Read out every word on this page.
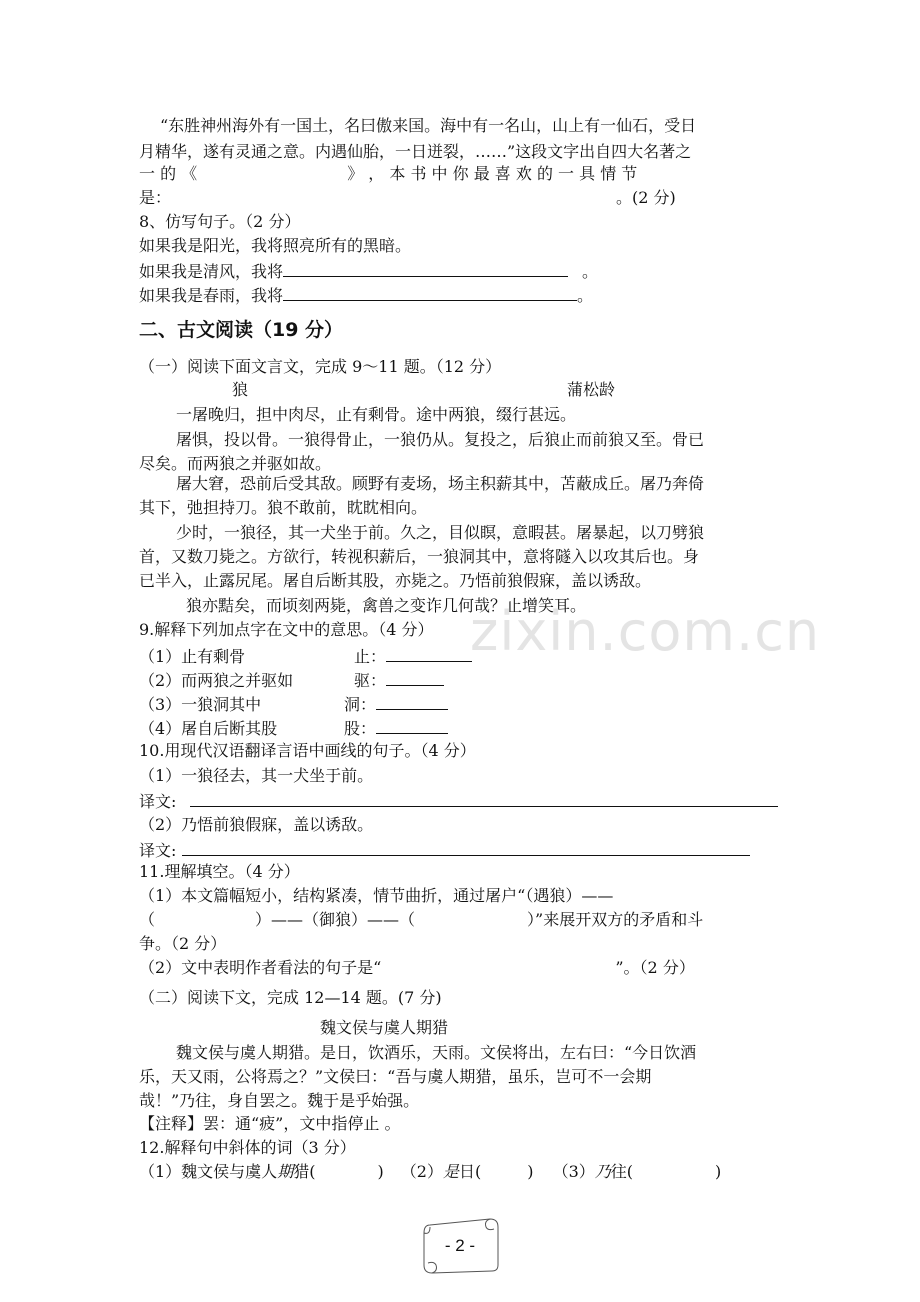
“东胜神州海外有一国土，名曰傲来国。海中有一名山，山上有一仙石，受日
月精华，遂有灵通之意。内遇仙胎，一日迸裂，……”这段文字出自四大名著之
一 的 《	》 ， 本 书 中 你 最 喜 欢 的 一 具 情 节
是：	。(2 分)
8、仿写句子。（2 分）
如果我是阳光，我将照亮所有的黑暗。
如果我是清风，我将	。
如果我是春雨，我将	。
二、古文阅读（19 分）
（一）阅读下面文言文，完成 9～11 题。（12 分）
狼	蒲松龄
一屠晚归，担中肉尽，止有剩骨。途中两狼，缀行甚远。
屠惧，投以骨。一狼得骨止，一狼仍从。复投之，后狼止而前狼又至。骨已
尽矣。而两狼之并驱如故。
屠大窘，恐前后受其敌。顾野有麦场，场主积薪其中，苫蔽成丘。屠乃奔倚
其下，弛担持刀。狼不敢前，眈眈相向。
少时，一狼径，其一犬坐于前。久之，目似瞑，意暇甚。屠暴起，以刀劈狼
首，又数刀毙之。方欲行，转视积薪后，一狼洞其中，意将隧入以攻其后也。身
已半入，止露尻尾。屠自后断其股，亦毙之。乃悟前狼假寐，盖以诱敌。
狼亦黠矣，而顷刻两毙，禽兽之变诈几何哉？止增笑耳。
zixin.com.cn
9.解释下列加点字在文中的意思。（4 分）
（1）止有剩骨	止：
（2）而两狼之并驱如	驱：
（3）一狼洞其中	洞：
（4）屠自后断其股	股：
10.用现代汉语翻译言语中画线的句子。（4 分）
（1）一狼径去，其一犬坐于前。
译文:
（2）乃悟前狼假寐，盖以诱敌。
译文:
11.理解填空。（4 分）
（1）本文篇幅短小，结构紧凑，情节曲折，通过屠户“（遇狼）——
（	）——（御狼）——（	）”来展开双方的矛盾和斗
争。（2 分）
（2）文中表明作者看法的句子是“	”。（2 分）
（二）阅读下文，完成 12—14 题。(7 分)
魏文侯与虞人期猎
魏文侯与虞人期猎。是日，饮酒乐，天雨。文侯将出，左右曰：“今日饮酒
乐，天又雨，公将焉之？”文侯曰：“吾与虞人期猎，虽乐，岂可不一会期
哉！”乃往，身自罢之。魏于是乎始强。
【注释】罢：通“疲”，文中指停止 。
12.解释句中斜体的词（3 分）
（1）魏文侯与虞人期猎(	) （2）是日(	) （3）乃往(	)
- 2 -
